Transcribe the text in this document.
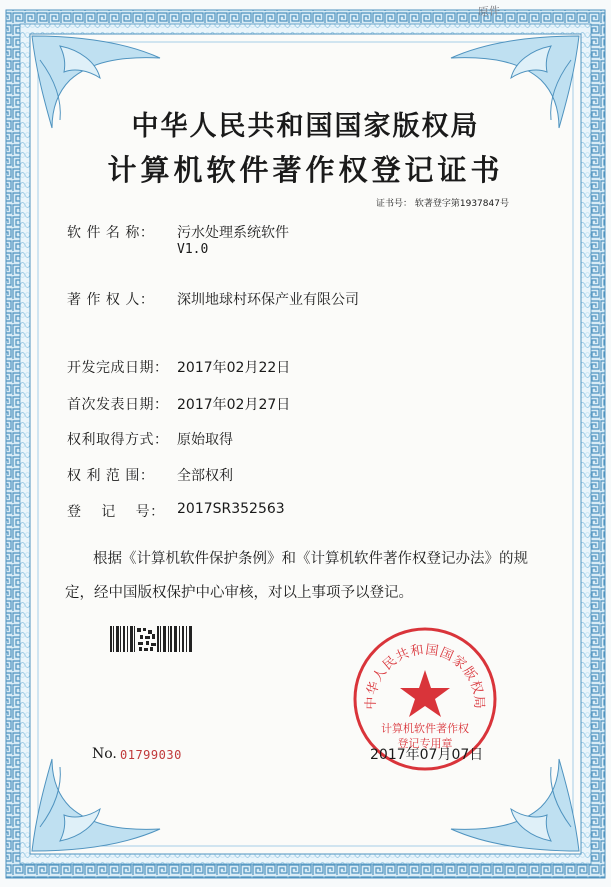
原件
中华人民共和国国家版权局
计算机软件著作权登记证书
证书号： 软著登字第1937847号
软 件 名 称： 污水处理系统软件
V1.0
著 作 权 人： 深圳地球村环保产业有限公司
开发完成日期： 2017年02月22日
首次发表日期： 2017年02月27日
权利取得方式： 原始取得
权 利 范 围： 全部权利
登    记    号： 2017SR352563
根据《计算机软件保护条例》和《计算机软件著作权登记办法》的规定，经中国版权保护中心审核，对以上事项予以登记。
中华人民共和国国家版权局
计算机软件著作权
登记专用章
2017年07月07日
No. 01799030
